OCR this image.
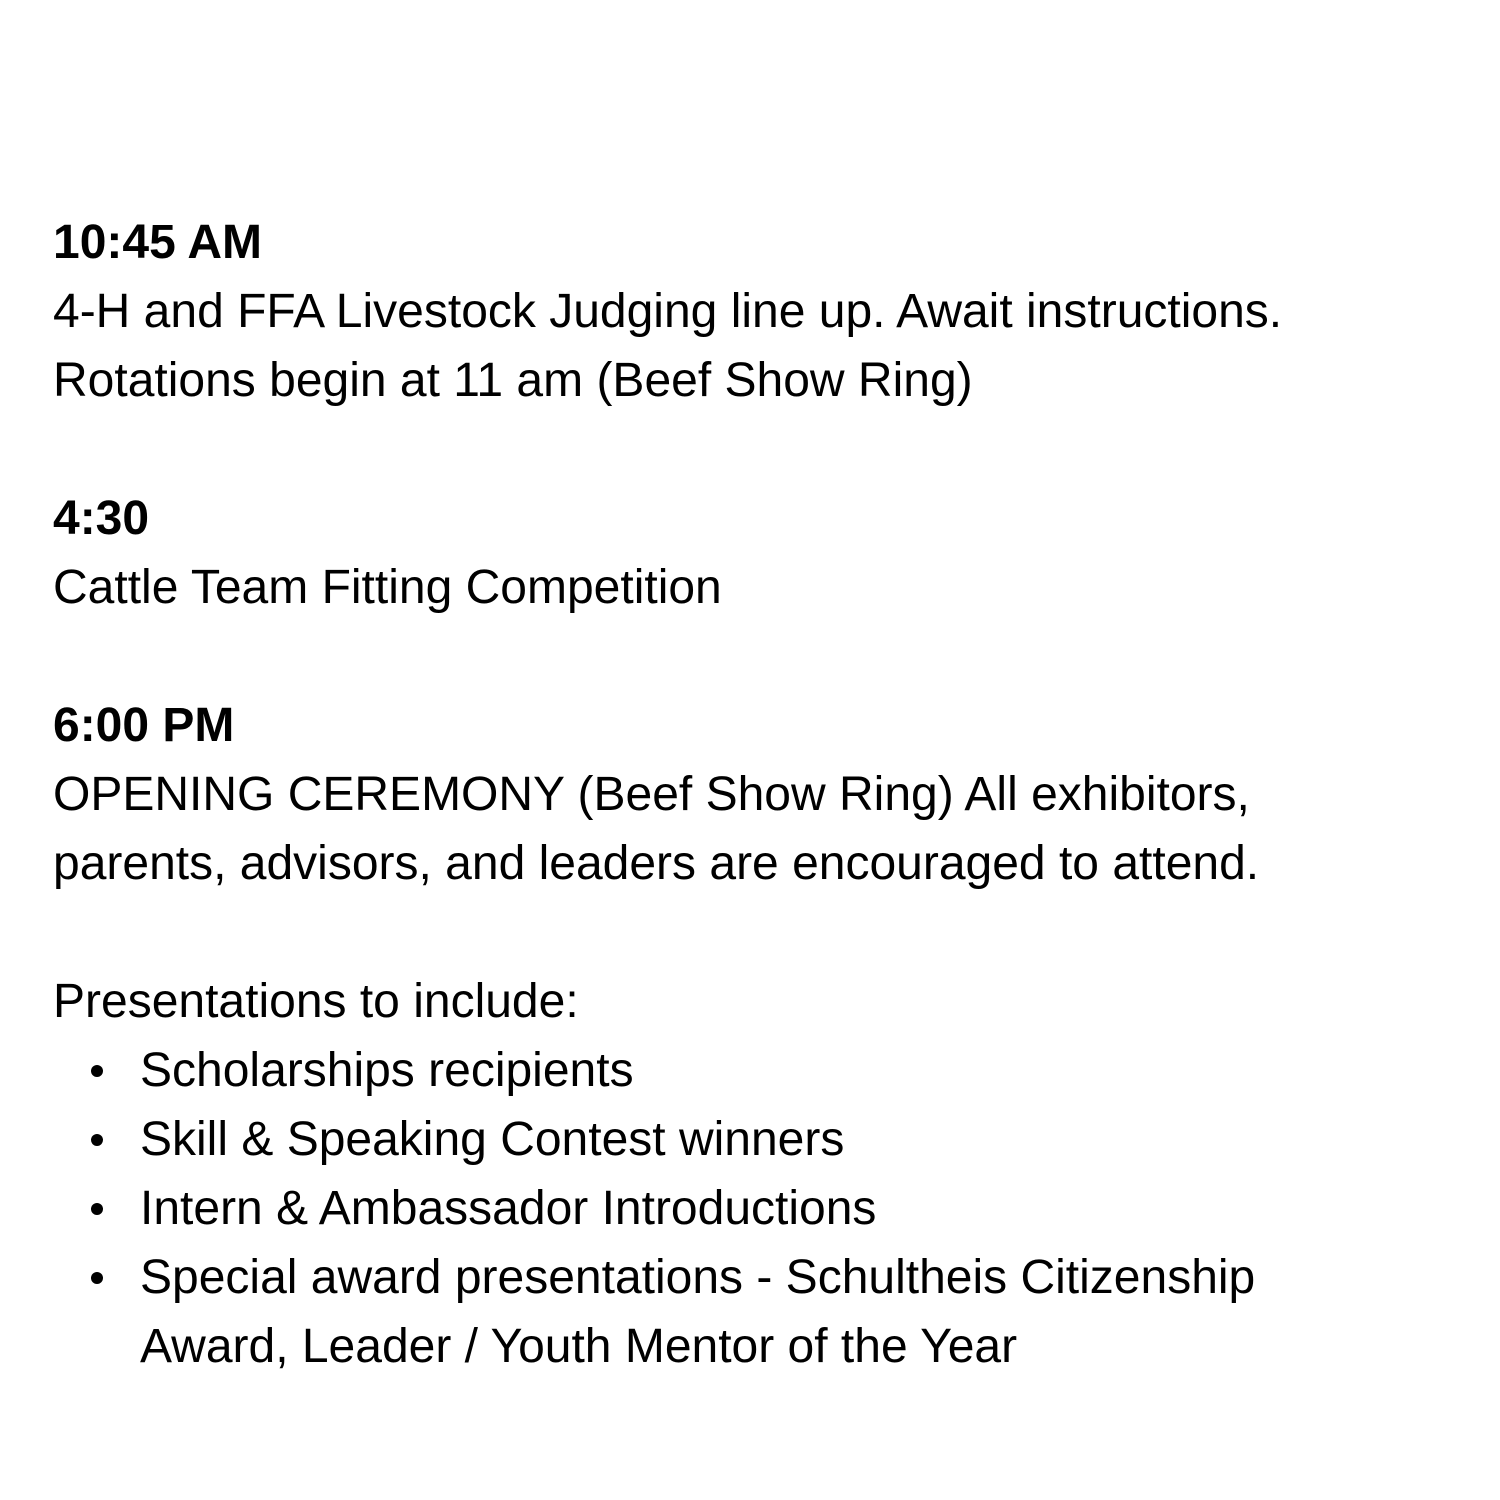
10:45 AM

4-H and FFA Livestock Judging line up. Await instructions.

Rotations begin at 11 am (Beef Show Ring)

4:30

Cattle Team Fitting Competition

6:00 PM

OPENING CEREMONY (Beef Show Ring) All exhibitors,

parents, advisors, and leaders are encouraged to attend.

Presentations to include:

Scholarships recipients
Skill & Speaking Contest winners
Intern & Ambassador Introductions
Special award presentations - Schultheis Citizenship Award, Leader / Youth Mentor of the Year
